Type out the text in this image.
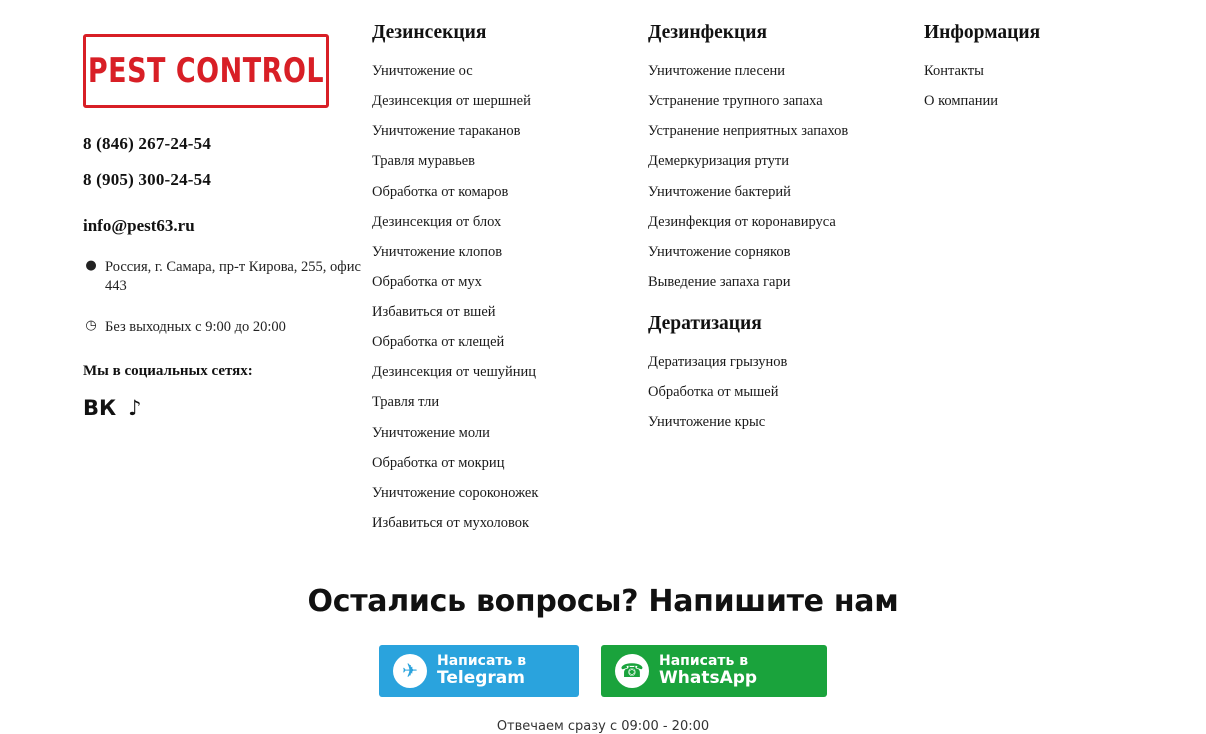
PEST CONTROL
8 (846) 267-24-54
8 (905) 300-24-54
info@pest63.ru
● Россия, г. Самара, пр-т Кирова, 255, офис 443
◷ Без выходных с 9:00 до 20:00
Мы в социальных сетях:
ВК ♪
Дезинсекция
Уничтожение ос
Дезинсекция от шершней
Уничтожение тараканов
Травля муравьев
Обработка от комаров
Дезинсекция от блох
Уничтожение клопов
Обработка от мух
Избавиться от вшей
Обработка от клещей
Дезинсекция от чешуйниц
Травля тли
Уничтожение моли
Обработка от мокриц
Уничтожение сороконожек
Избавиться от мухоловок
Дезинфекция
Уничтожение плесени
Устранение трупного запаха
Устранение неприятных запахов
Демеркуризация ртути
Уничтожение бактерий
Дезинфекция от коронавируса
Уничтожение сорняков
Выведение запаха гари
Дератизация
Дератизация грызунов
Обработка от мышей
Уничтожение крыс
Информация
Контакты
О компании
Остались вопросы? Напишите нам
✈ Написать в
Telegram	☎ Написать в
WhatsApp
Отвечаем сразу с 09:00 - 20:00
